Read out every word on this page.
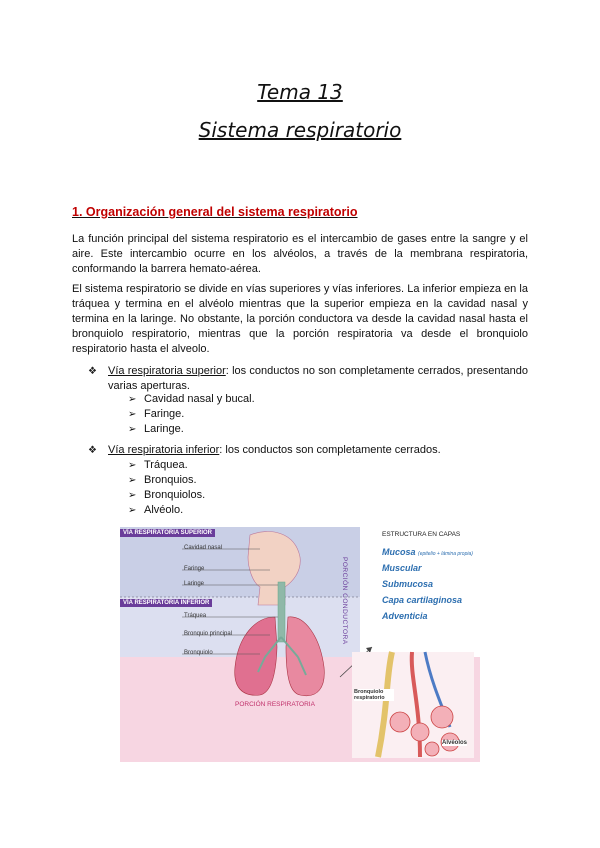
Tema 13
Sistema respiratorio
1. Organización general del sistema respiratorio
La función principal del sistema respiratorio es el intercambio de gases entre la sangre y el aire. Este intercambio ocurre en los alvéolos, a través de la membrana respiratoria, conformando la barrera hemato-aérea.
El sistema respiratorio se divide en vías superiores y vías inferiores. La inferior empieza en la tráquea y termina en el alvéolo mientras que la superior empieza en la cavidad nasal y termina en la laringe. No obstante, la porción conductora va desde la cavidad nasal hasta el bronquiolo respiratorio, mientras que la porción respiratoria va desde el bronquiolo respiratorio hasta el alveolo.
❖ Vía respiratoria superior: los conductos no son completamente cerrados, presentando varias aperturas.
➢ Cavidad nasal y bucal.
➢ Faringe.
➢ Laringe.
❖ Vía respiratoria inferior: los conductos son completamente cerrados.
➢ Tráquea.
➢ Bronquios.
➢ Bronquiolos.
➢ Alvéolo.
VÍA RESPIRATORIA SUPERIOR
VÍA RESPIRATORIA INFERIOR
Cavidad nasal
Faringe
Laringe
Tráquea
Bronquio principal
Bronquiolo
PORCIÓN CONDUCTORA
PORCIÓN RESPIRATORIA
ESTRUCTURA EN CAPAS
Mucosa (epitelio + lámina propia)
Muscular
Submucosa
Capa cartilaginosa
Adventicia
Bronquiolo respiratorio
Alvéolos
